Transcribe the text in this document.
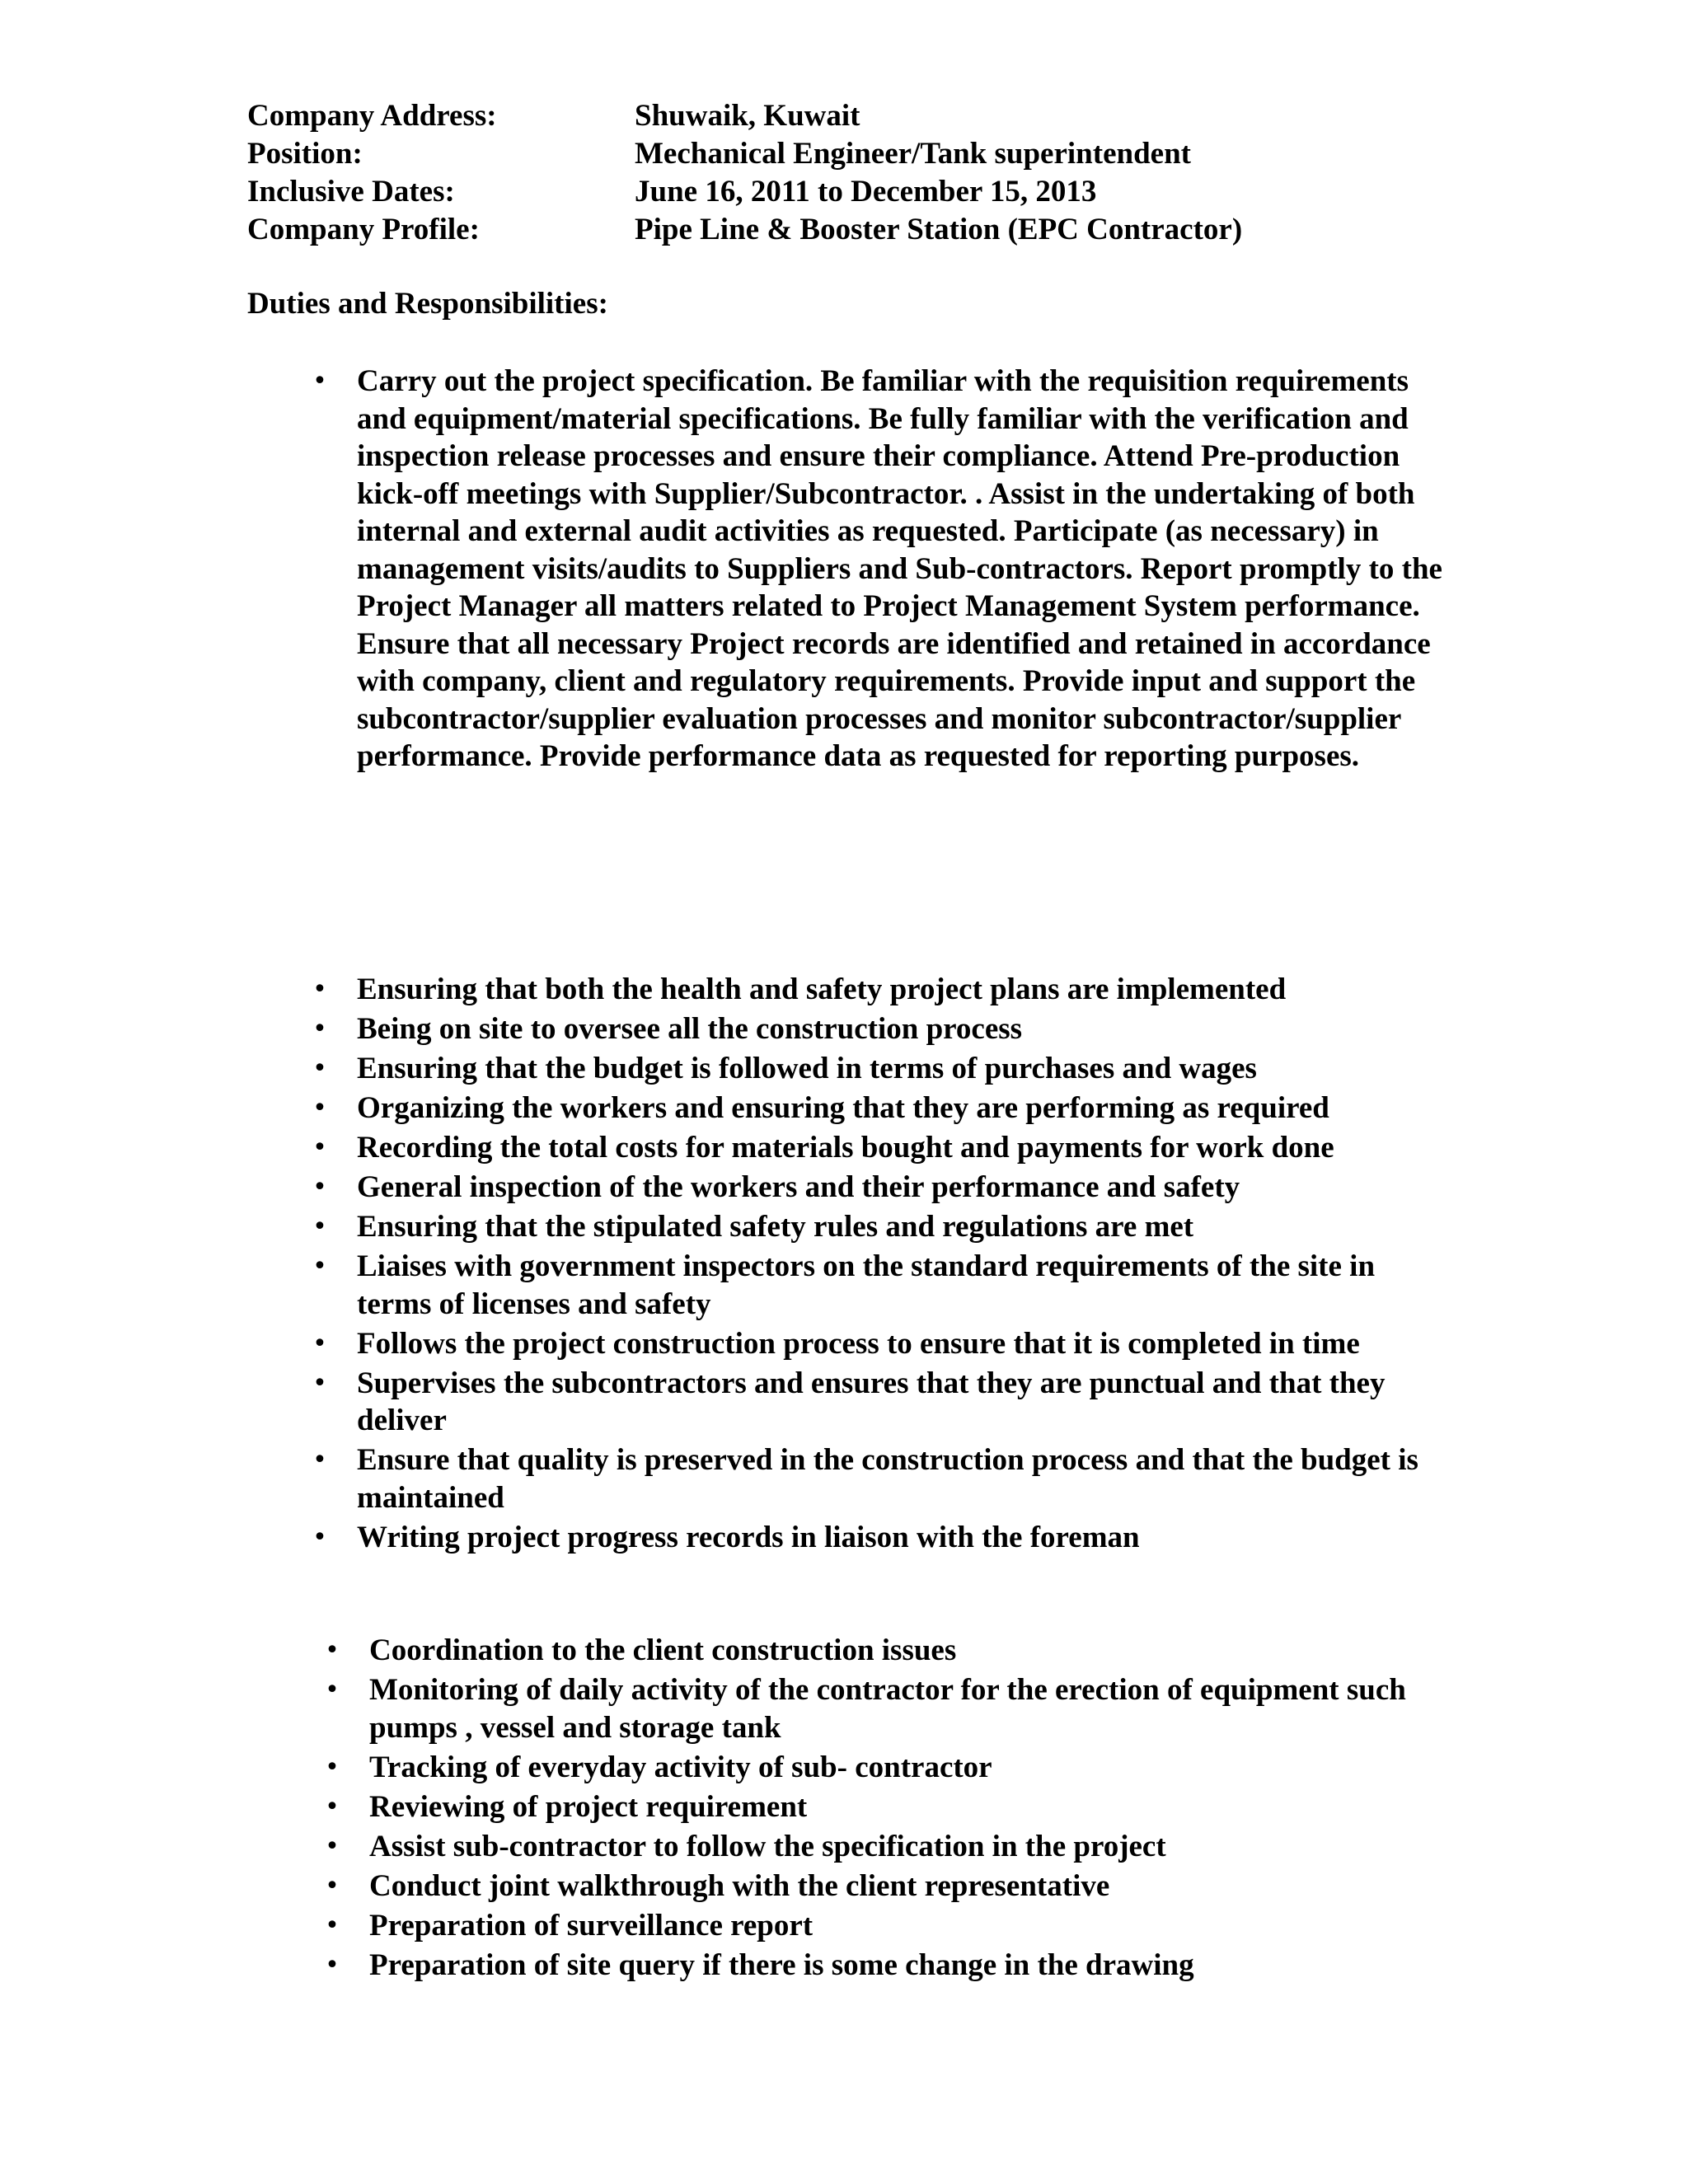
Company Address:	Shuwaik, Kuwait
Position:	Mechanical Engineer/Tank superintendent
Inclusive Dates:	June 16, 2011 to December 15, 2013
Company Profile:	Pipe Line & Booster Station (EPC Contractor)
Duties and Responsibilities:
• Carry out the project specification. Be familiar with the requisition requirements and equipment/material specifications. Be fully familiar with the verification and inspection release processes and ensure their compliance. Attend Pre-production kick-off meetings with Supplier/Subcontractor. . Assist in the undertaking of both internal and external audit activities as requested. Participate (as necessary) in management visits/audits to Suppliers and Sub-contractors. Report promptly to the Project Manager all matters related to Project Management System performance. Ensure that all necessary Project records are identified and retained in accordance with company, client and regulatory requirements. Provide input and support the subcontractor/supplier evaluation processes and monitor subcontractor/supplier performance. Provide performance data as requested for reporting purposes.
• Ensuring that both the health and safety project plans are implemented
• Being on site to oversee all the construction process
• Ensuring that the budget is followed in terms of purchases and wages
• Organizing the workers and ensuring that they are performing as required
• Recording the total costs for materials bought and payments for work done
• General inspection of the workers and their performance and safety
• Ensuring that the stipulated safety rules and regulations are met
• Liaises with government inspectors on the standard requirements of the site in terms of licenses and safety
• Follows the project construction process to ensure that it is completed in time
• Supervises the subcontractors and ensures that they are punctual and that they deliver
• Ensure that quality is preserved in the construction process and that the budget is maintained
• Writing project progress records in liaison with the foreman
• Coordination to the client construction issues
• Monitoring of daily activity of the contractor for the erection of equipment such pumps , vessel and storage tank
• Tracking of everyday activity of sub- contractor
• Reviewing of project requirement
• Assist sub-contractor to follow the specification in the project
• Conduct joint walkthrough with the client representative
• Preparation of surveillance report
• Preparation of site query if there is some change in the drawing
